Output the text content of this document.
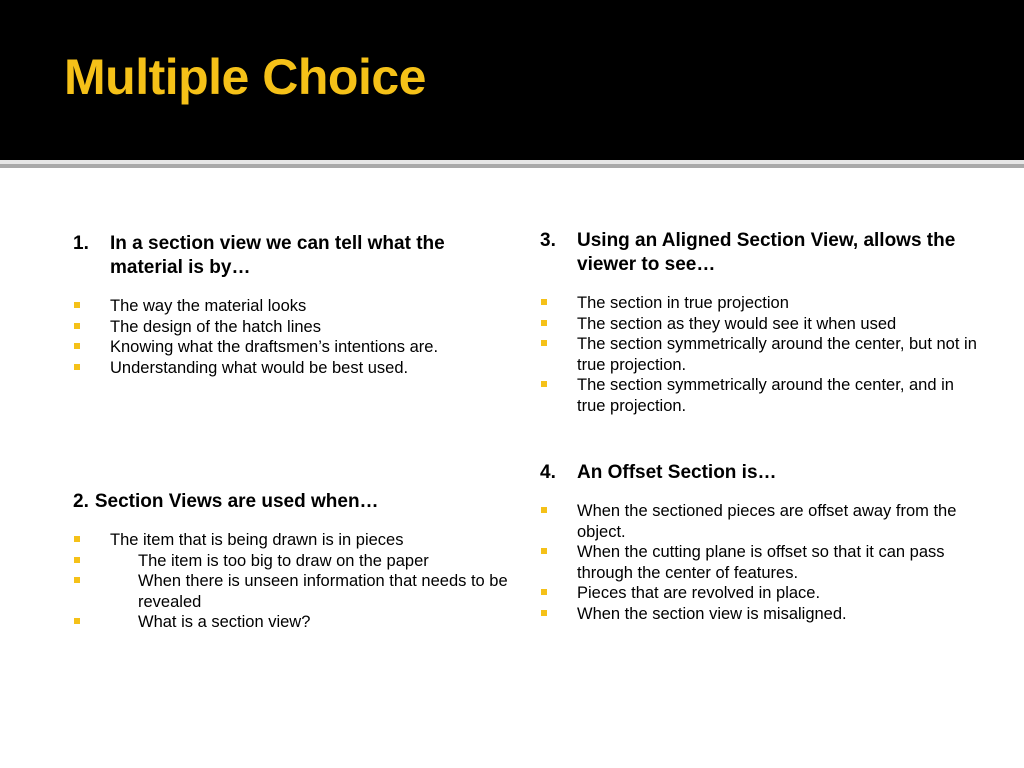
Multiple Choice

1. In a section view we can tell what the material is by…

The way the material looks
The design of the hatch lines
Knowing what the draftsmen’s intentions are.
Understanding what would be best used.

2. Section Views are used when…

The item that is being drawn is in pieces
The item is too big to draw on the paper
When there is unseen information that needs to be revealed
What is a section view?

3. Using an Aligned Section View, allows the viewer to see…

The section in true projection
The section as they would see it when used
The section symmetrically around the center, but not in true projection.
The section symmetrically around the center, and in true projection.

4. An Offset Section is…

When the sectioned pieces are offset away from the object.
When the cutting plane is offset so that it can pass through the center of features.
Pieces that are revolved in place.
When the section view is misaligned.
